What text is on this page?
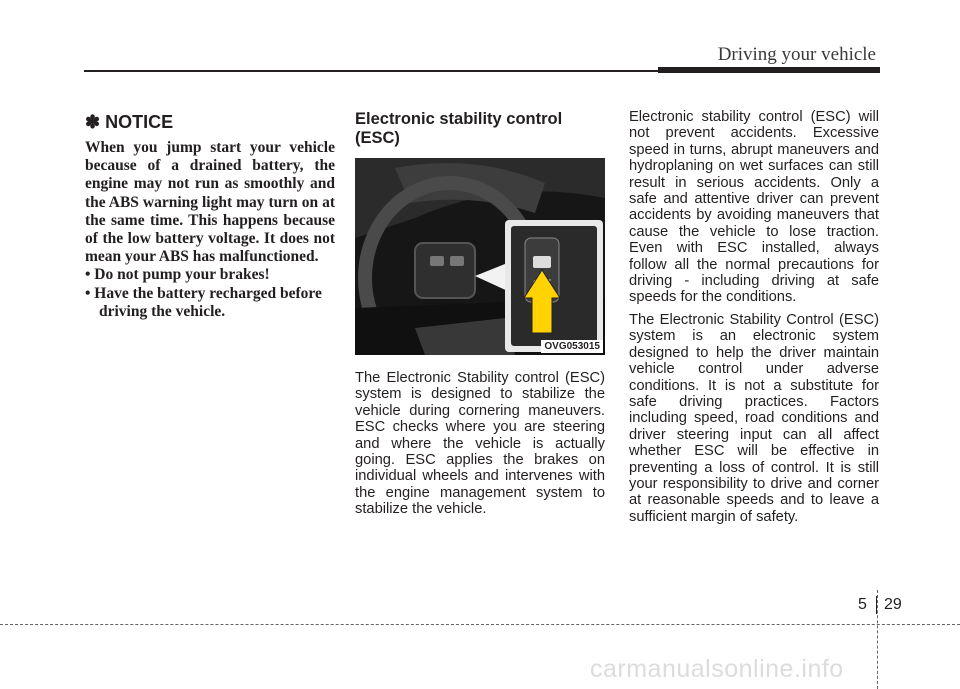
Driving your vehicle
✽ NOTICE

When you jump start your vehicle because of a drained battery, the engine may not run as smoothly and the ABS warning light may turn on at the same time. This happens because of the low battery voltage. It does not mean your ABS has malfunctioned.

• Do not pump your brakes!
• Have the battery recharged before driving the vehicle.
Electronic stability control (ESC)
OVG053015

The Electronic Stability control (ESC) system is designed to stabilize the vehicle during cornering maneuvers. ESC checks where you are steering and where the vehicle is actually going. ESC applies the brakes on individual wheels and intervenes with the engine management system to stabilize the vehicle.

Electronic stability control (ESC) will not prevent accidents. Excessive speed in turns, abrupt maneuvers and hydroplaning on wet surfaces can still result in serious accidents. Only a safe and attentive driver can prevent accidents by avoiding maneuvers that cause the vehicle to lose traction. Even with ESC installed, always follow all the normal precautions for driving - including driving at safe speeds for the conditions.

The Electronic Stability Control (ESC) system is an electronic system designed to help the driver maintain vehicle control under adverse conditions. It is not a substitute for safe driving practices. Factors including speed, road conditions and driver steering input can all affect whether ESC will be effective in preventing a loss of control. It is still your responsibility to drive and corner at reasonable speeds and to leave a sufficient margin of safety.

5 29
carmanualsonline.info
